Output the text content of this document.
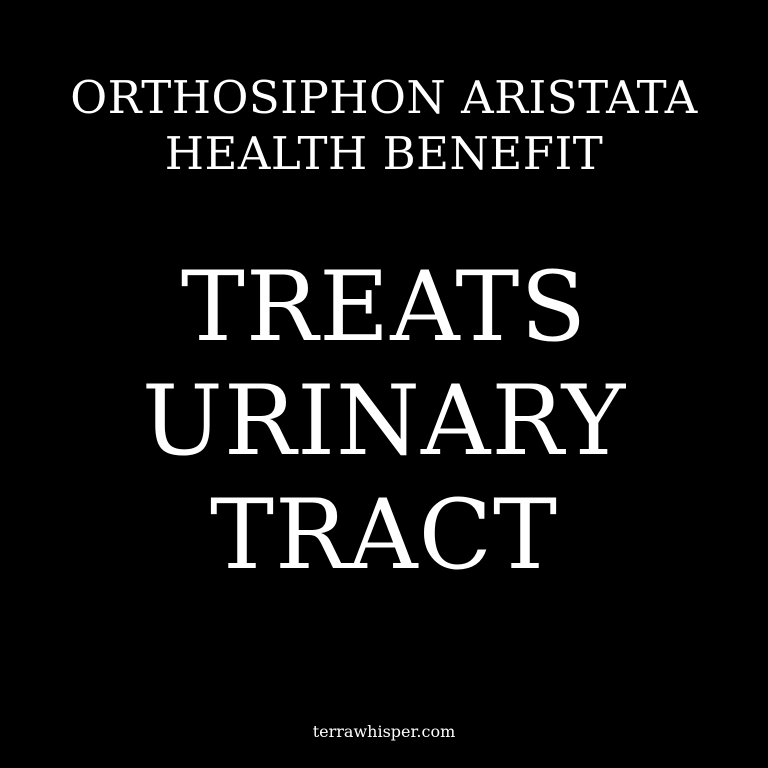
ORTHOSIPHON ARISTATA
HEALTH BENEFIT
TREATS
URINARY
TRACT
terrawhisper.com
